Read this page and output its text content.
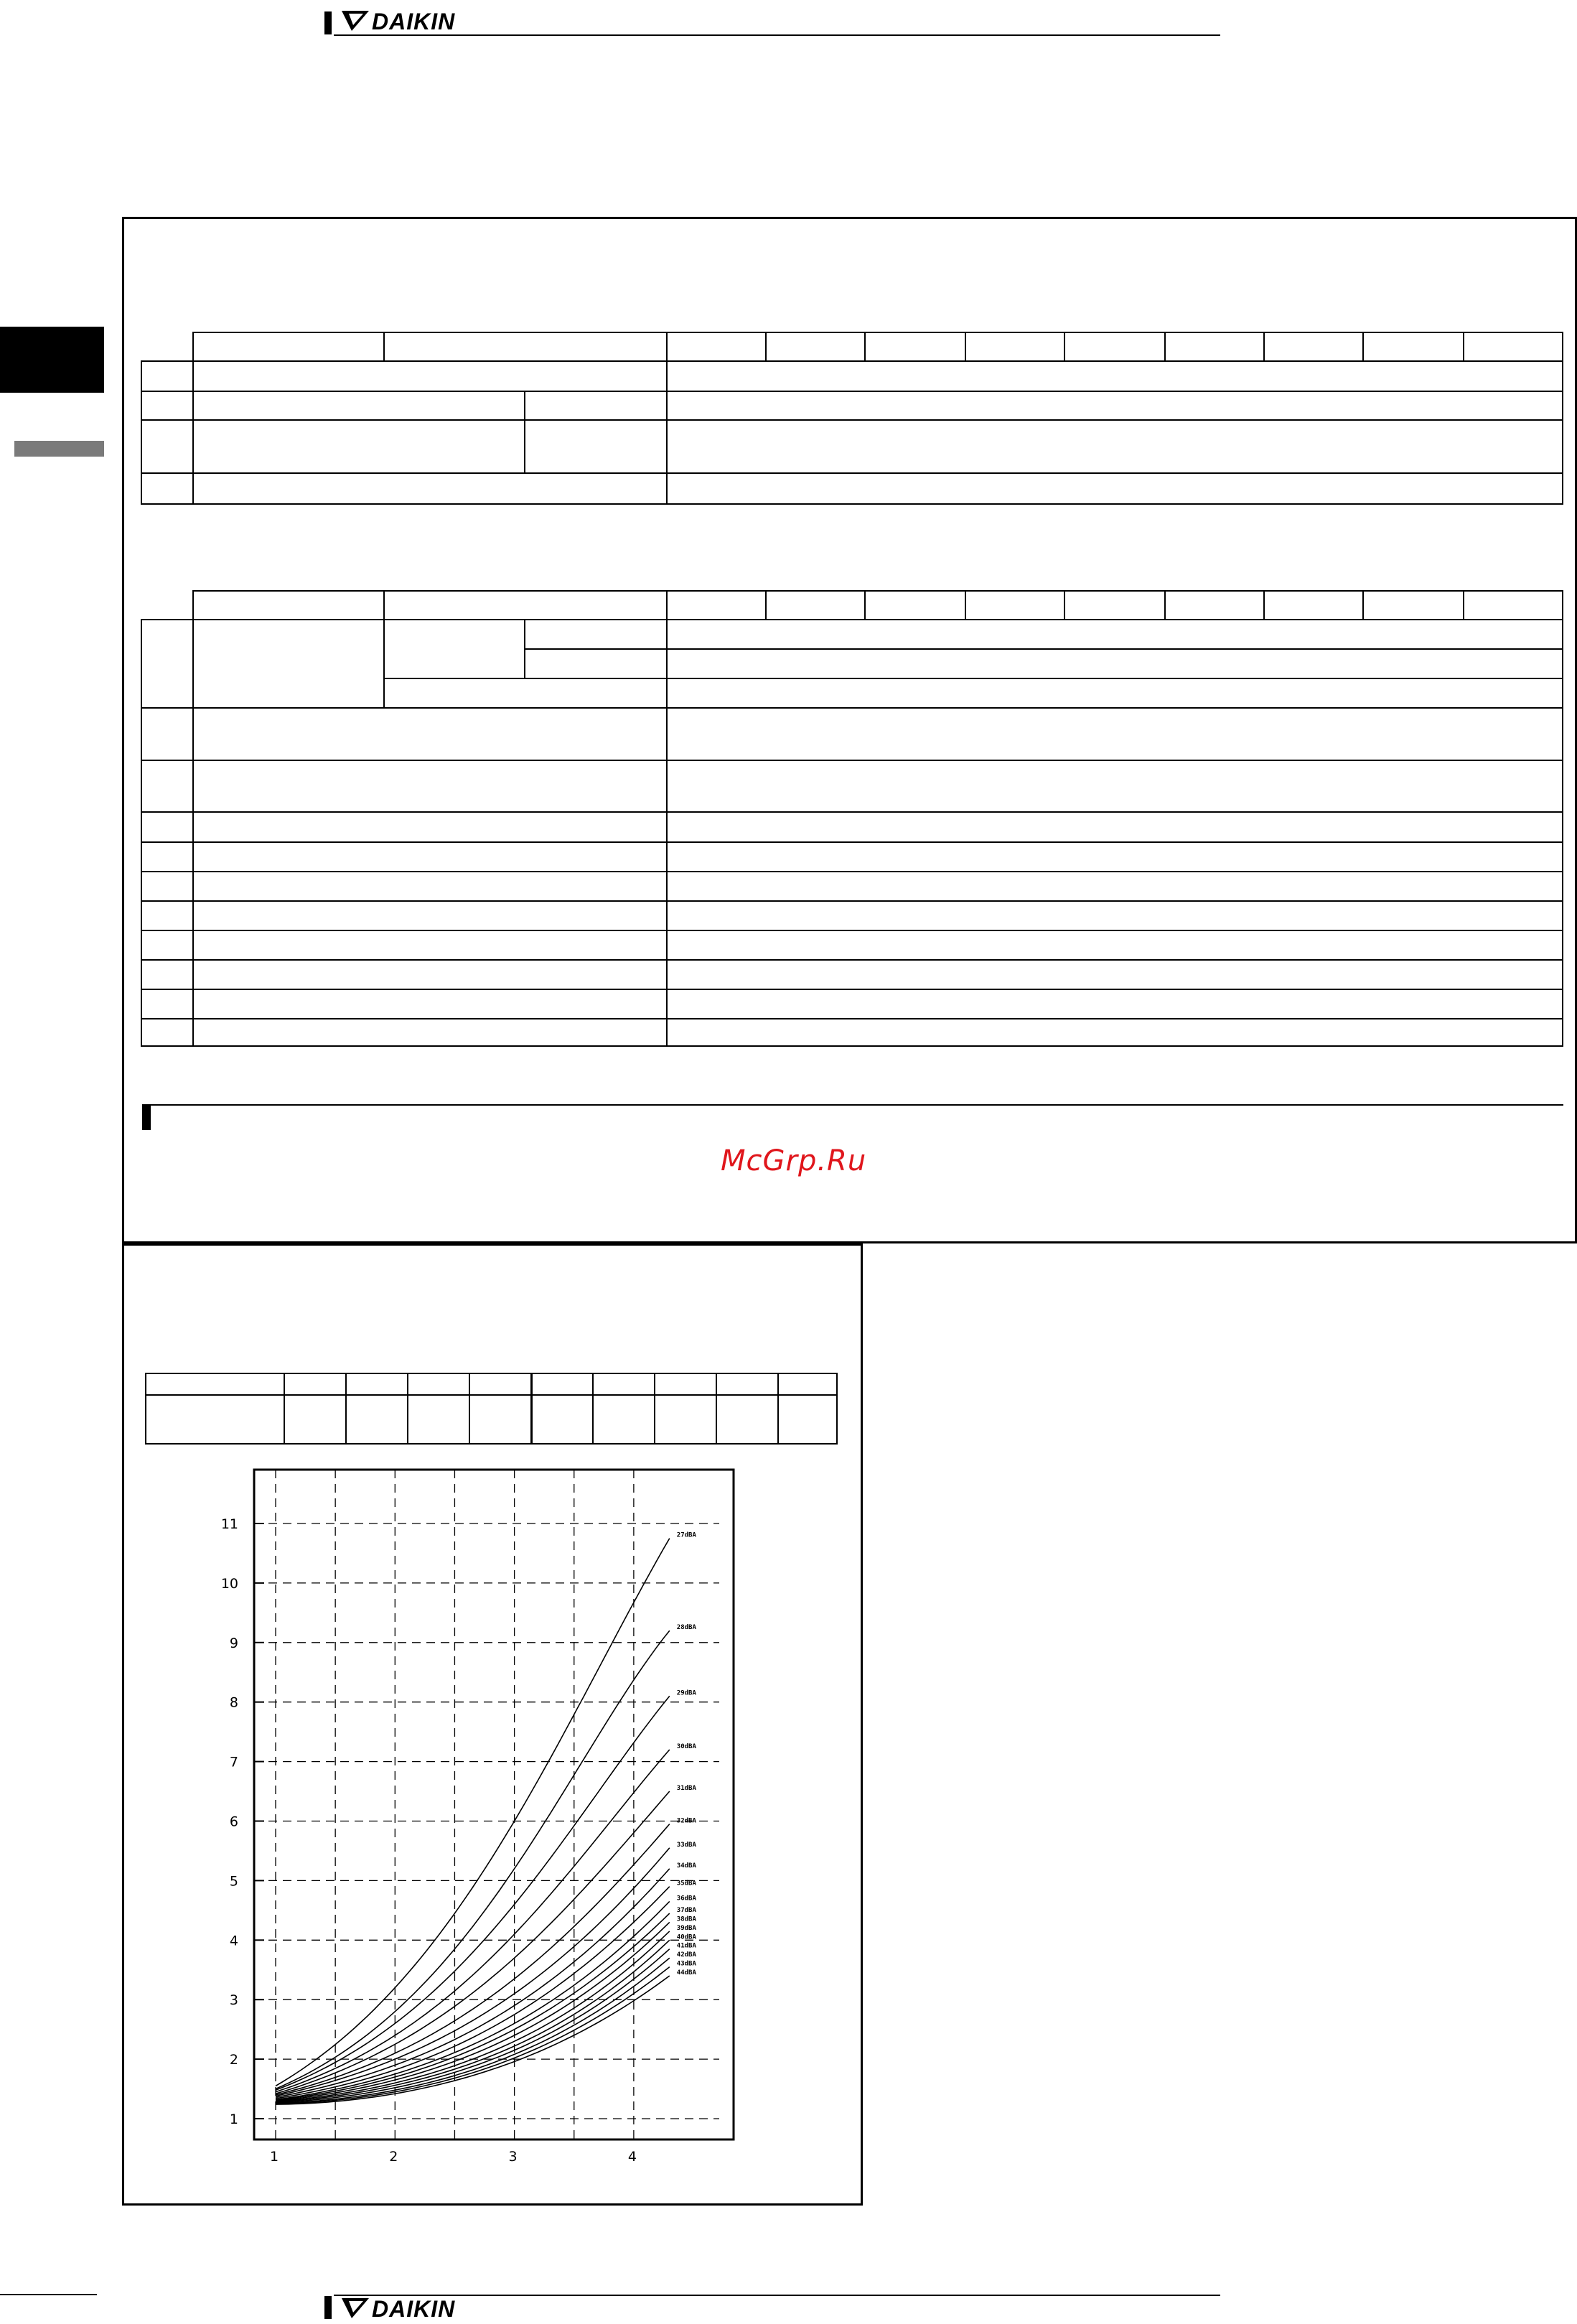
DAIKIN
McGrp.Ru
1
2
3
4
5
6
7
8
9
10
11
1	2	3	4
27dBA
28dBA
29dBA
30dBA
31dBA
32dBA
33dBA
34dBA
35dBA
36dBA
37dBA
38dBA
39dBA
40dBA
41dBA
42dBA
43dBA
44dBA
DAIKIN
